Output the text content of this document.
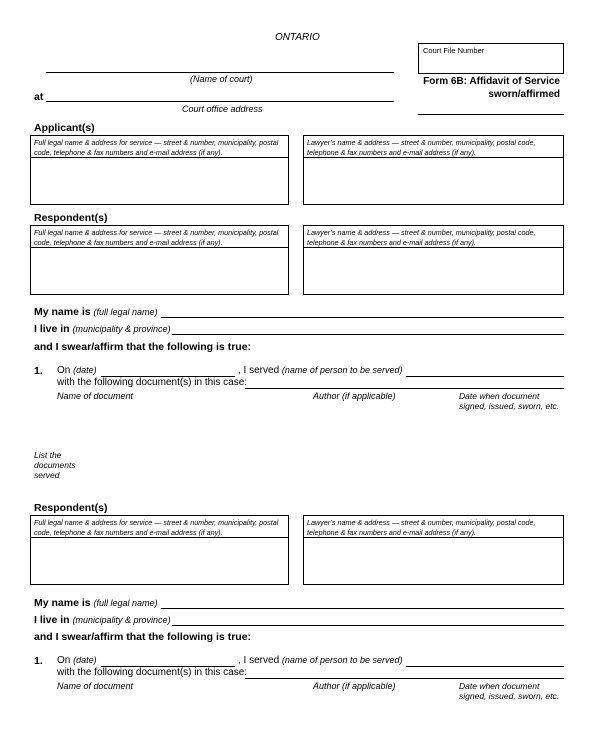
ONTARIO
(Name of court)
at
Court office address
Court File Number
Form 6B: Affidavit of Service
sworn/affirmed
Applicant(s)
Full legal name & address for service — street & number, municipality, postal code, telephone & fax numbers and e-mail address (if any).
Lawyer’s name & address — street & number, municipality, postal code, telephone & fax numbers and e-mail address (if any).
Respondent(s)
Full legal name & address for service — street & number, municipality, postal code, telephone & fax numbers and e-mail address (if any).
Lawyer’s name & address — street & number, municipality, postal code, telephone & fax numbers and e-mail address (if any).
My name is (full legal name)
I live in (municipality & province)
and I swear/affirm that the following is true:
1. On (date)	, I served (name of person to be served)
with the following document(s) in this case:
Name of document	Author (if applicable)	Date when document signed, issued, sworn, etc.
List the documents served
Respondent(s)
Full legal name & address for service — street & number, municipality, postal code, telephone & fax numbers and e-mail address (if any).
Lawyer’s name & address — street & number, municipality, postal code, telephone & fax numbers and e-mail address (if any).
My name is (full legal name)
I live in (municipality & province)
and I swear/affirm that the following is true:
1. On (date)	, I served (name of person to be served)
with the following document(s) in this case:
Name of document	Author (if applicable)	Date when document signed, issued, sworn, etc.
